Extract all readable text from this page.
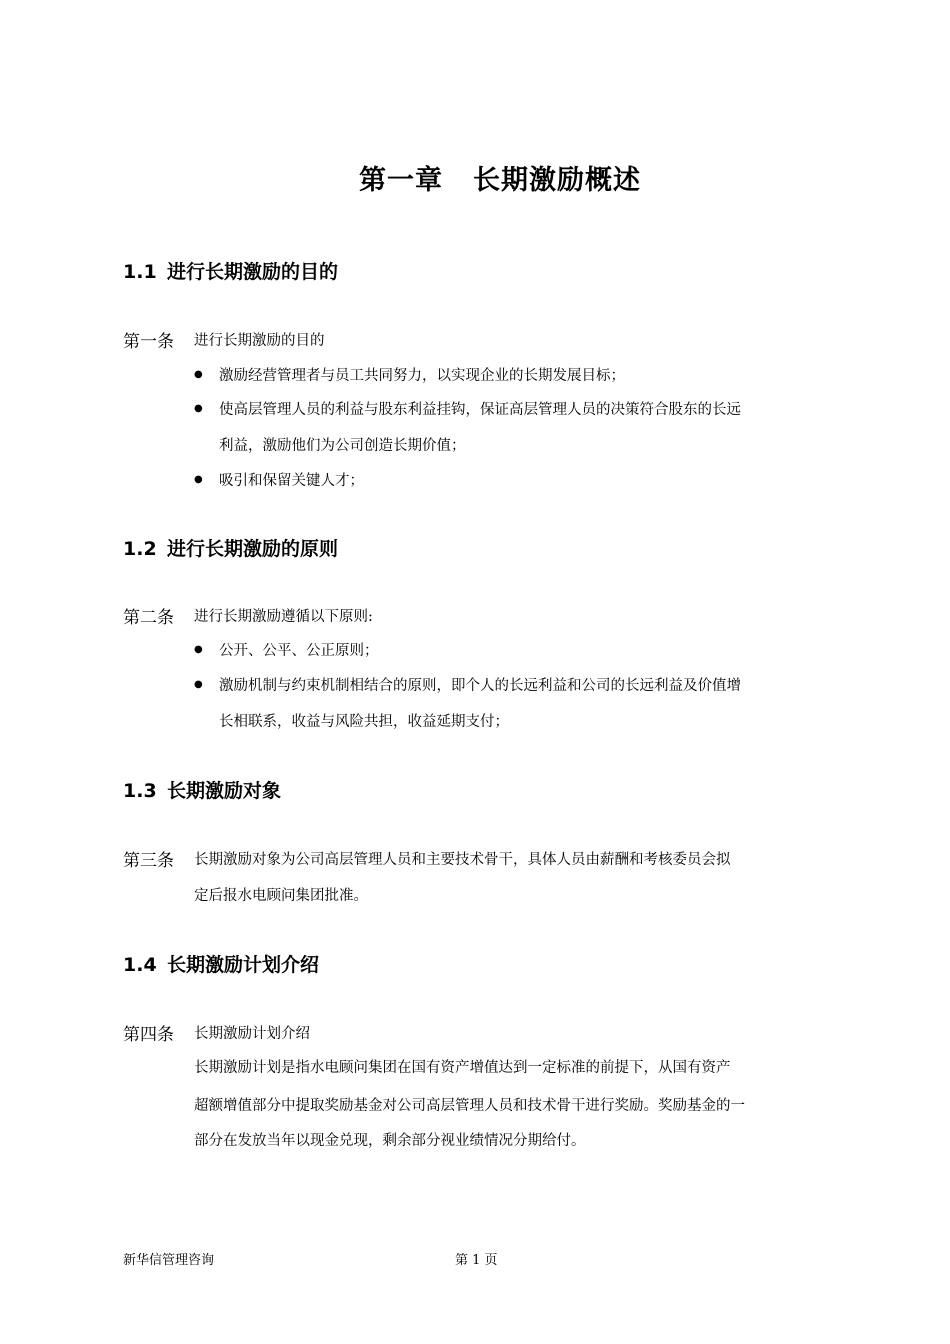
第一章 长期激励概述
1.1 进行长期激励的目的
第一条 进行长期激励的目的
● 激励经营管理者与员工共同努力，以实现企业的长期发展目标；
● 使高层管理人员的利益与股东利益挂钩，保证高层管理人员的决策符合股东的长远
利益，激励他们为公司创造长期价值；
● 吸引和保留关键人才；
1.2 进行长期激励的原则
第二条 进行长期激励遵循以下原则:
● 公开、公平、公正原则；
● 激励机制与约束机制相结合的原则，即个人的长远利益和公司的长远利益及价值增
长相联系，收益与风险共担，收益延期支付；
1.3 长期激励对象
第三条 长期激励对象为公司高层管理人员和主要技术骨干，具体人员由薪酬和考核委员会拟
定后报水电顾问集团批准。
1.4 长期激励计划介绍
第四条 长期激励计划介绍
长期激励计划是指水电顾问集团在国有资产增值达到一定标准的前提下，从国有资产
超额增值部分中提取奖励基金对公司高层管理人员和技术骨干进行奖励。奖励基金的一
部分在发放当年以现金兑现，剩余部分视业绩情况分期给付。
新华信管理咨询	第 1 页
